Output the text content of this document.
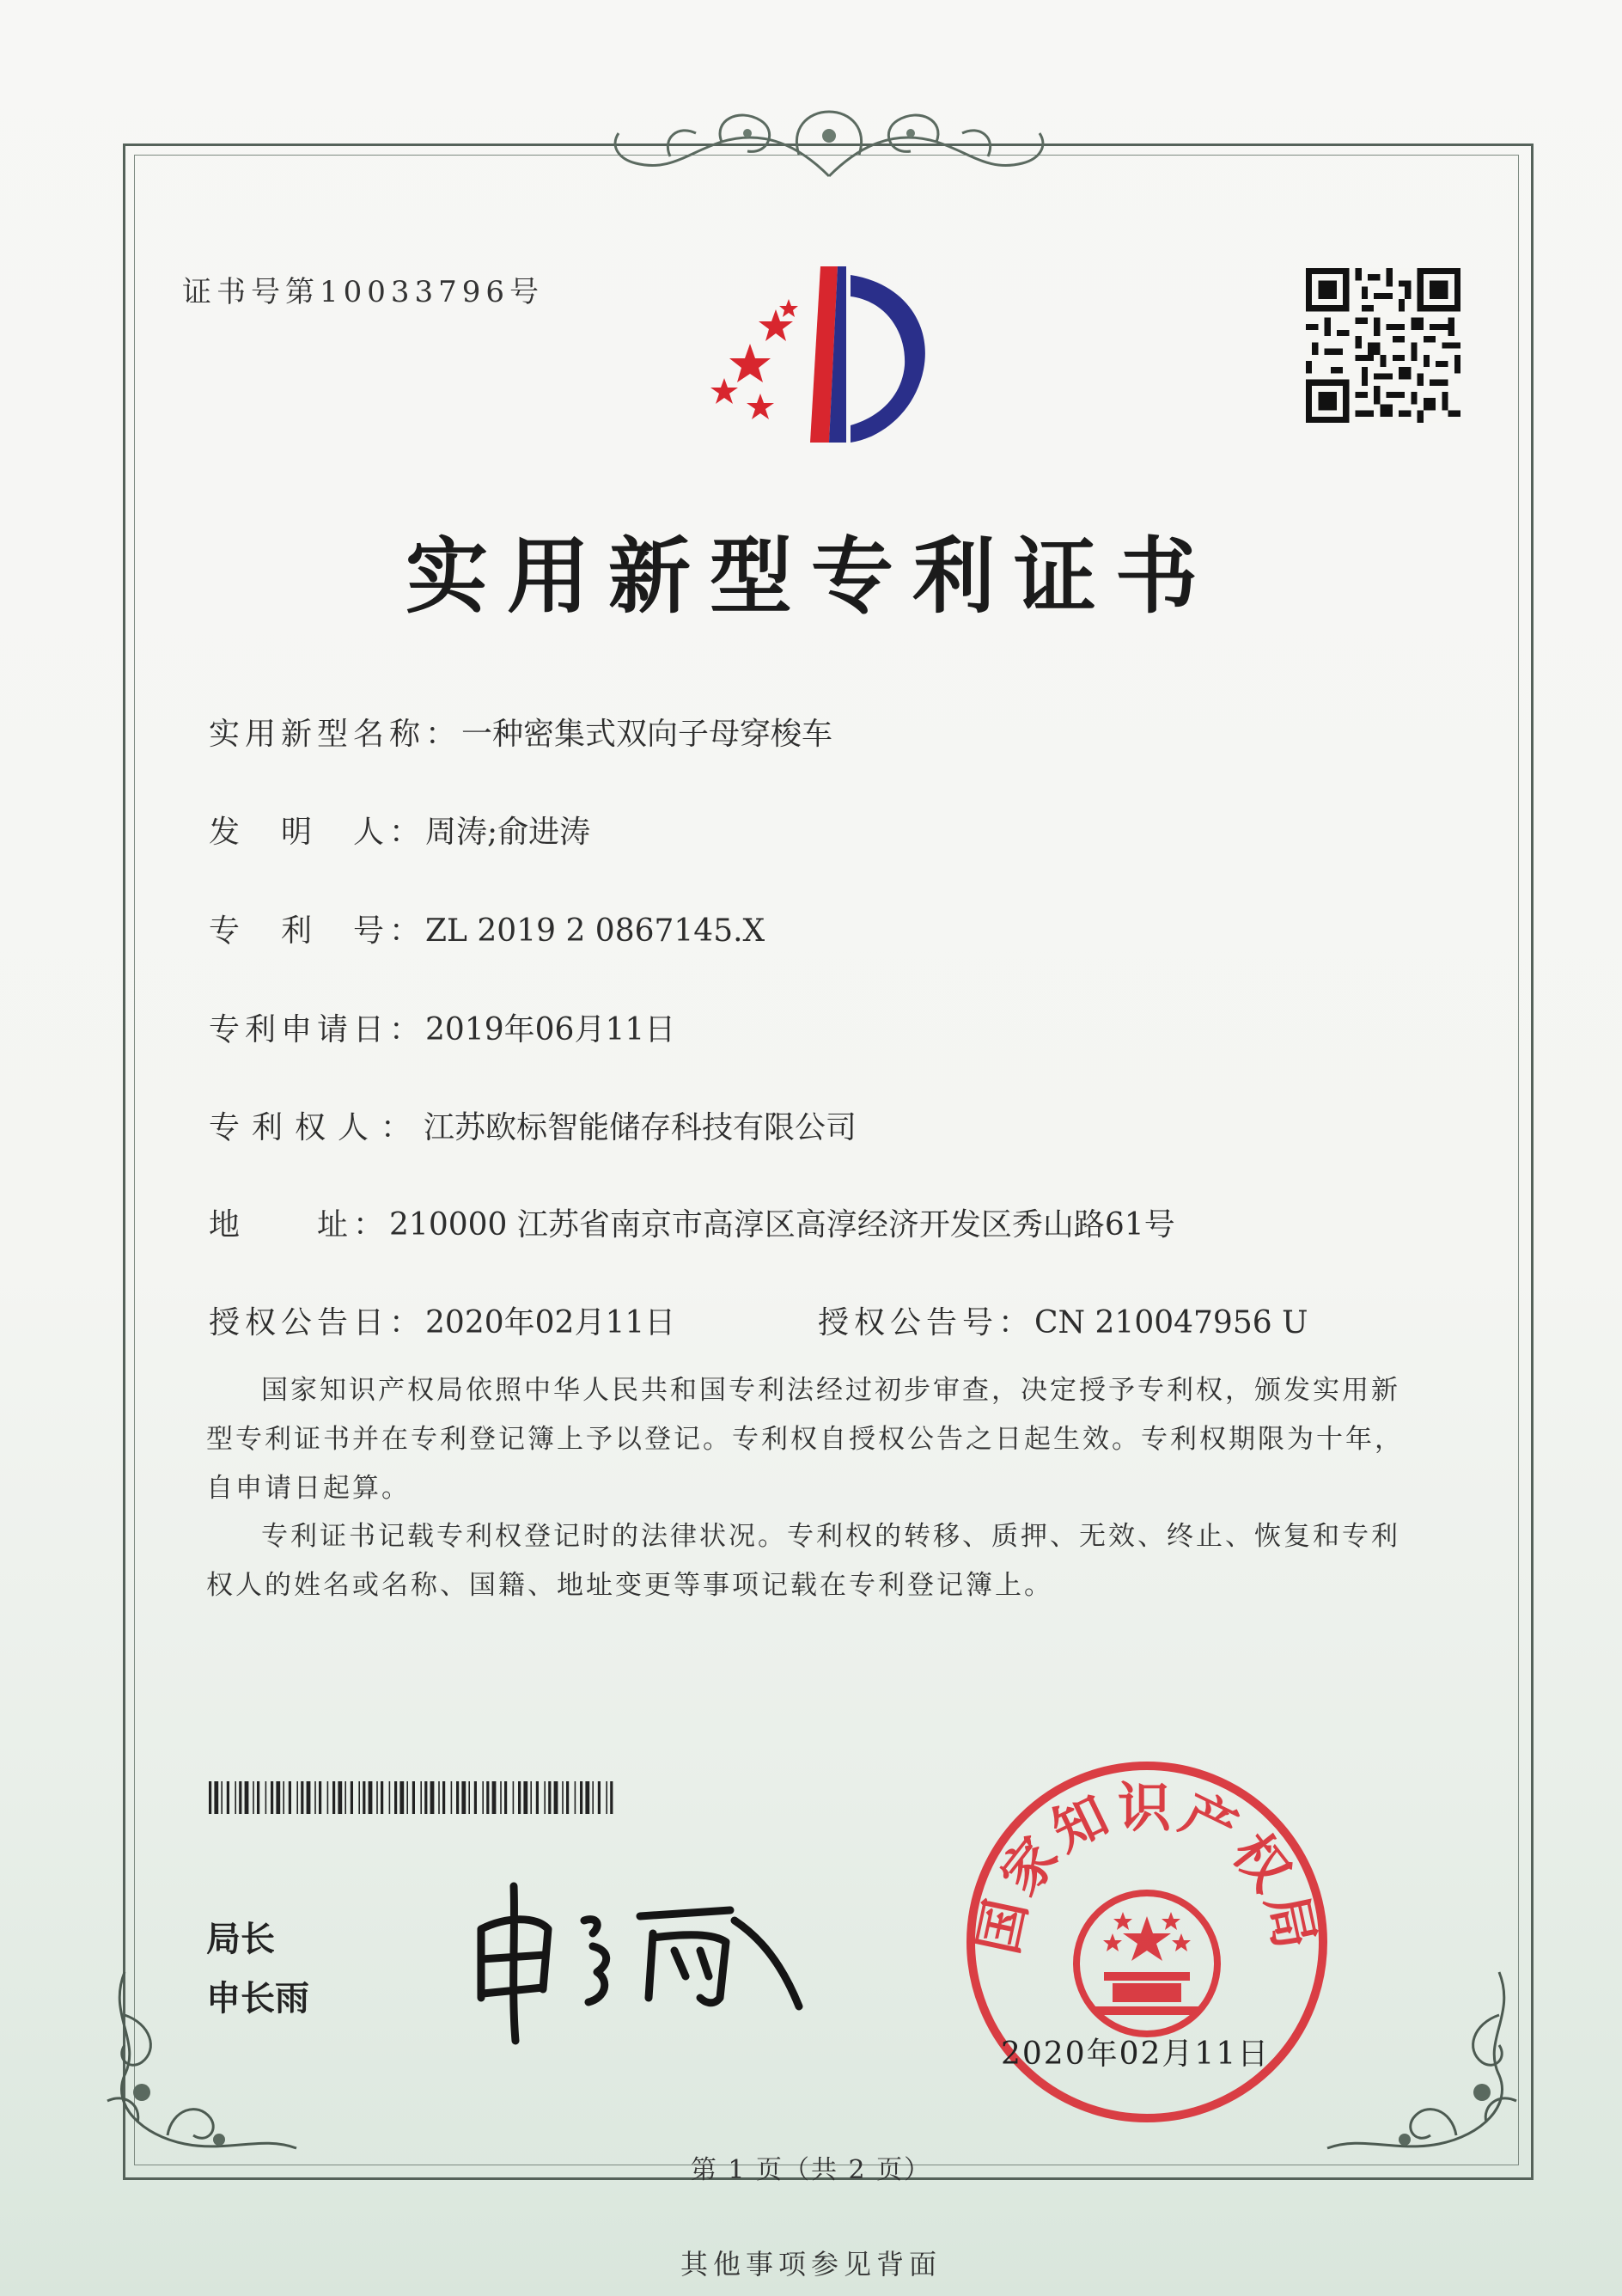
证书号第10033796号
实用新型专利证书
实用新型名称：一种密集式双向子母穿梭车
发　明　人：周涛;俞进涛
专　利　号：ZL 2019 2 0867145.X
专利申请日：2019年06月11日
专利权人：江苏欧标智能储存科技有限公司
地　　址：210000 江苏省南京市高淳区高淳经济开发区秀山路61号
授权公告日：2020年02月11日	授权公告号：CN 210047956 U
国家知识产权局依照中华人民共和国专利法经过初步审查，决定授予专利权，颁发实用新型专利证书并在专利登记簿上予以登记。专利权自授权公告之日起生效。专利权期限为十年，自申请日起算。
专利证书记载专利权登记时的法律状况。专利权的转移、质押、无效、终止、恢复和专利权人的姓名或名称、国籍、地址变更等事项记载在专利登记簿上。
局长
申长雨
国家知识产权局
2020年02月11日
第 1 页（共 2 页）
其他事项参见背面
